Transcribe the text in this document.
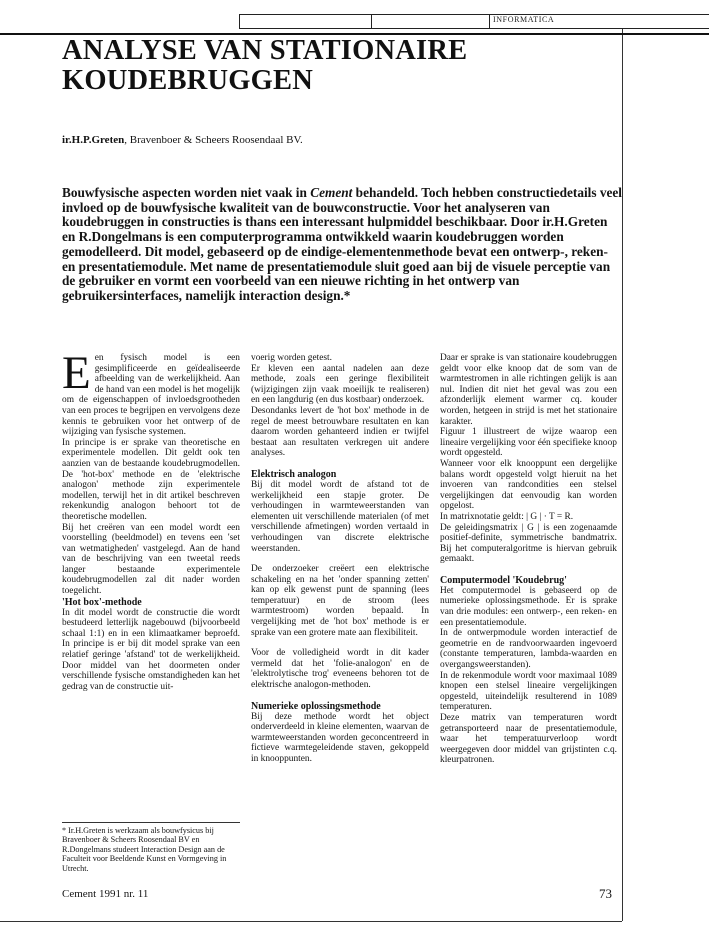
INFORMATICA
ANALYSE VAN STATIONAIRE KOUDEBRUGGEN
ir.H.P.Greten, Bravenboer & Scheers Roosendaal BV.

Bouwfysische aspecten worden niet vaak in Cement behandeld. Toch hebben constructiedetails veel invloed op de bouwfysische kwaliteit van de bouwconstructie. Voor het analyseren van koudebruggen in constructies is thans een interessant hulpmiddel beschikbaar. Door ir.H.Greten en R.Dongelmans is een computerprogramma ontwikkeld waarin koudebruggen worden gemodelleerd. Dit model, gebaseerd op de eindige-elementenmethode bevat een ontwerp-, reken- en presentatiemodule. Met name de presentatiemodule sluit goed aan bij de visuele perceptie van de gebruiker en vormt een voorbeeld van een nieuwe richting in het ontwerp van gebruikersinterfaces, namelijk interaction design.*

Een fysisch model is een gesimplificeerde en geïdealiseerde afbeelding van de werkelijkheid. Aan de hand van een model is het mogelijk om de eigenschappen of invloedsgrootheden van een proces te begrijpen en vervolgens deze kennis te gebruiken voor het ontwerp of de wijziging van fysische systemen.

In principe is er sprake van theoretische en experimentele modellen. Dit geldt ook ten aanzien van de bestaande koudebrugmodellen. De 'hot-box' methode en de 'elektrische analogon' methode zijn experimentele modellen, terwijl het in dit artikel beschreven rekenkundig analogon behoort tot de theoretische modellen.

Bij het creëren van een model wordt een voorstelling (beeldmodel) en tevens een 'set van wetmatigheden' vastgelegd. Aan de hand van de beschrijving van een tweetal reeds langer bestaande experimentele koudebrugmodellen zal dit nader worden toegelicht.

'Hot box'-methode

In dit model wordt de constructie die wordt bestudeerd letterlijk nagebouwd (bijvoorbeeld schaal 1:1) en in een klimaatkamer beproefd. In principe is er bij dit model sprake van een relatief geringe 'afstand' tot de werkelijkheid. Door middel van het doormeten onder verschillende fysische omstandigheden kan het gedrag van de constructie uit-

voerig worden getest.

Er kleven een aantal nadelen aan deze methode, zoals een geringe flexibiliteit (wijzigingen zijn vaak moeilijk te realiseren) en een langdurig (en dus kostbaar) onderzoek.

Desondanks levert de 'hot box' methode in de regel de meest betrouwbare resultaten en kan daarom worden gehanteerd indien er twijfel bestaat aan resultaten verkregen uit andere analyses.

Elektrisch analogon

Bij dit model wordt de afstand tot de werkelijkheid een stapje groter. De verhoudingen in warmteweerstanden van elementen uit verschillende materialen (of met verschillende afmetingen) worden vertaald in verhoudingen van discrete elektrische weerstanden.

De onderzoeker creëert een elektrische schakeling en na het 'onder spanning zetten' kan op elk gewenst punt de spanning (lees temperatuur) en de stroom (lees warmtestroom) worden bepaald. In vergelijking met de 'hot box' methode is er sprake van een grotere mate aan flexibiliteit.

Voor de volledigheid wordt in dit kader vermeld dat het 'folie-analogon' en de 'elektrolytische trog' eveneens behoren tot de elektrische analogon-methoden.

Numerieke oplossingsmethode

Bij deze methode wordt het object onderverdeeld in kleine elementen, waarvan de warmteweerstanden worden geconcentreerd in fictieve warmtegeleidende staven, gekoppeld in knooppunten.

Daar er sprake is van stationaire koudebruggen geldt voor elke knoop dat de som van de warmtestromen in alle richtingen gelijk is aan nul. Indien dit niet het geval was zou een afzonderlijk element warmer cq. kouder worden, hetgeen in strijd is met het stationaire karakter.

Figuur 1 illustreert de wijze waarop een lineaire vergelijking voor één specifieke knoop wordt opgesteld.

Wanneer voor elk knooppunt een dergelijke balans wordt opgesteld volgt hieruit na het invoeren van randcondities een stelsel vergelijkingen dat eenvoudig kan worden opgelost.

In matrixnotatie geldt: | G | · T = R.

De geleidingsmatrix | G | is een zogenaamde positief-definite, symmetrische bandmatrix. Bij het computeralgoritme is hiervan gebruik gemaakt.

Computermodel 'Koudebrug'

Het computermodel is gebaseerd op de numerieke oplossingsmethode. Er is sprake van drie modules: een ontwerp-, een reken- en een presentatiemodule.

In de ontwerpmodule worden interactief de geometrie en de randvoorwaarden ingevoerd (constante temperaturen, lambda-waarden en overgangsweerstanden).

In de rekenmodule wordt voor maximaal 1089 knopen een stelsel lineaire vergelijkingen opgesteld, uiteindelijk resulterend in 1089 temperaturen.

Deze matrix van temperaturen wordt getransporteerd naar de presentatiemodule, waar het temperatuurverloop wordt weergegeven door middel van grijstinten c.q. kleurpatronen.

* Ir.H.Greten is werkzaam als bouwfysicus bij Bravenboer & Scheers Roosendaal BV en R.Dongelmans studeert Interaction Design aan de Faculteit voor Beeldende Kunst en Vormgeving in Utrecht.

Cement 1991 nr. 11	73
